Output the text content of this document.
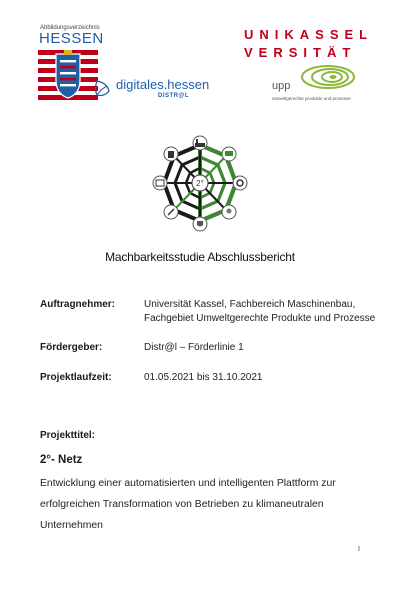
Abbildungsverzeichnis
HESSEN
digitales.hessen
DISTR@L
UNIKASSEL
VERSITÄT
upp
umweltgerechte produkte und prozesse
2°
Machbarkeitsstudie Abschlussbericht
Auftragnehmer:	Universität Kassel, Fachbereich Maschinenbau,
Fachgebiet Umweltgerechte Produkte und Prozesse
Fördergeber:	Distr@l – Förderlinie 1
Projektlaufzeit:	01.05.2021 bis 31.10.2021
Projekttitel:
2°- Netz
Entwicklung einer automatisierten und intelligenten Plattform zur
erfolgreichen Transformation von Betrieben zu klimaneutralen
Unternehmen
I
